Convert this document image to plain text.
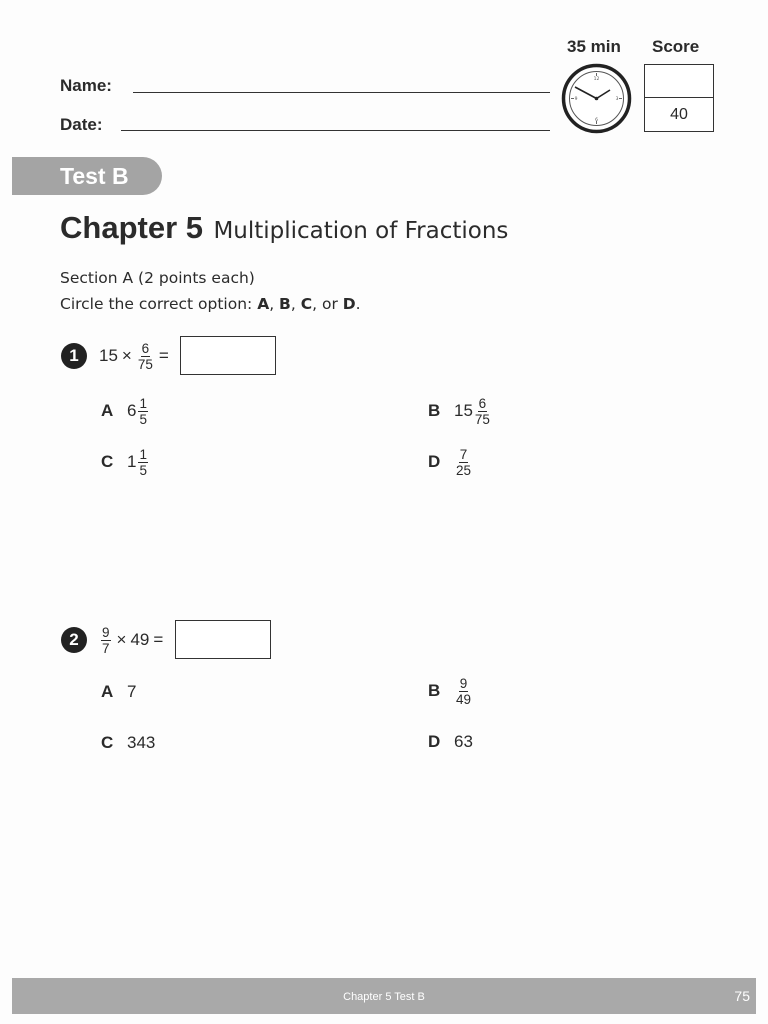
Name:
Date:
35 min
12
3
6
9
Score
40
Test B
Chapter 5 Multiplication of Fractions
Section A (2 points each)
Circle the correct option: A, B, C, or D.
1	$15 \times \frac{6}{75}$ =
A $6 \frac{1}{5}$	B $15 \frac{6}{75}$
C $1 \frac{1}{5}$	D	$\frac{7}{25}$
2	$\frac{9}{7} \times 49$ =
A 7	B	$\frac{9}{49}$
C 343	D 63
Chapter 5 Test B	75
